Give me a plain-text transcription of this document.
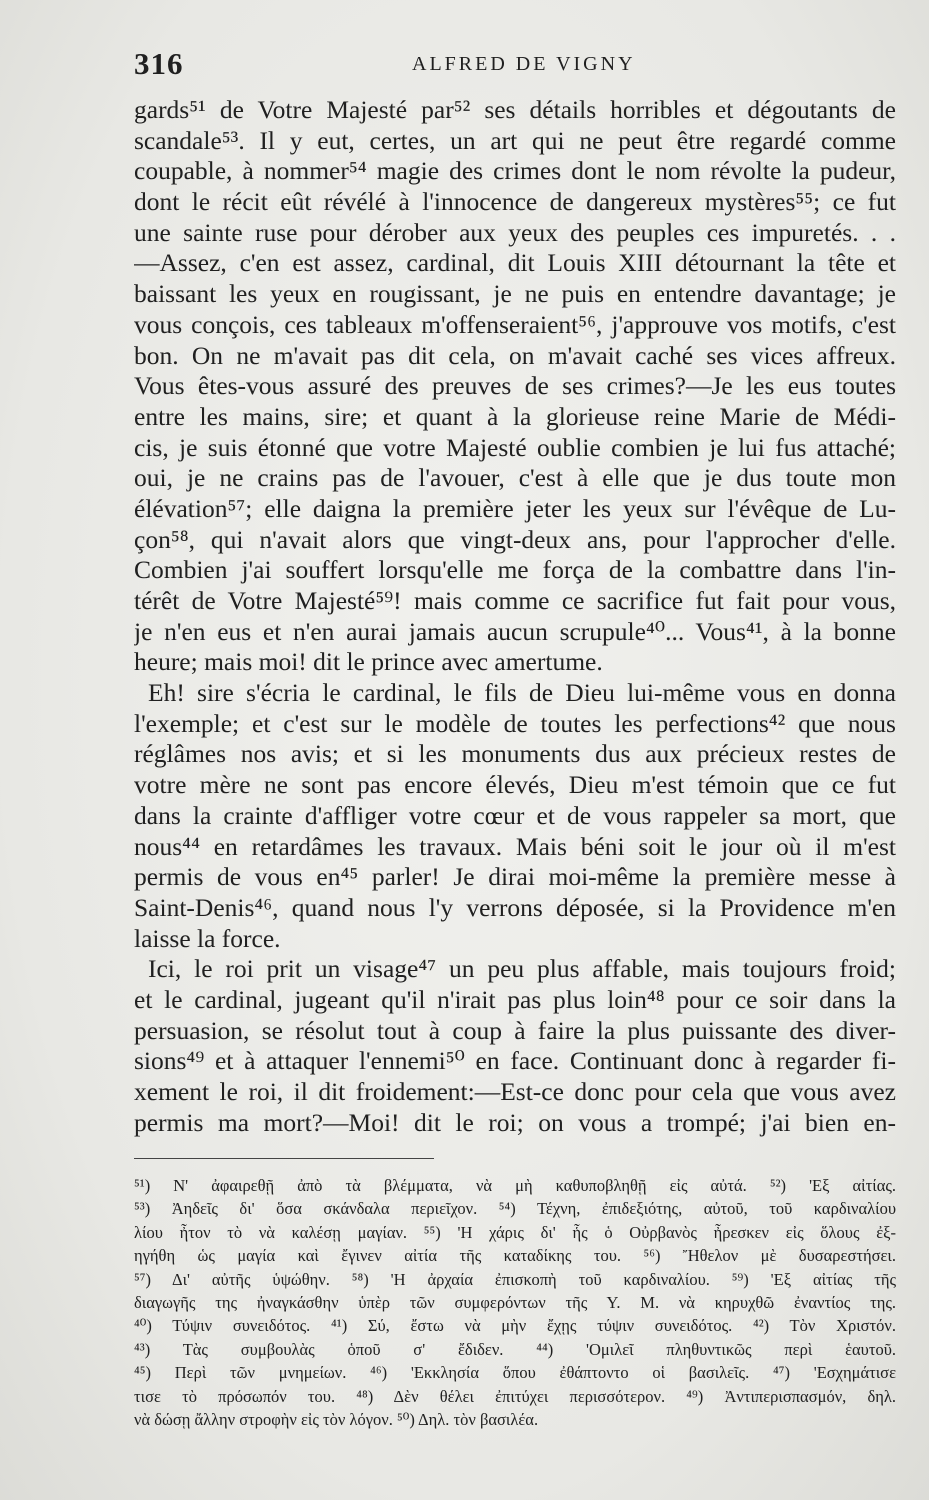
316	ALFRED DE VIGNY
gards⁵¹ de Votre Majesté par⁵² ses détails horribles et dégoutants de
scandale⁵³. Il y eut, certes, un art qui ne peut être regardé comme
coupable, à nommer⁵⁴ magie des crimes dont le nom révolte la pudeur,
dont le récit eût révélé à l'innocence de dangereux mystères⁵⁵; ce fut
une sainte ruse pour dérober aux yeux des peuples ces impuretés. . .
—Assez, c'en est assez, cardinal, dit Louis XIII détournant la tête et
baissant les yeux en rougissant, je ne puis en entendre davantage; je
vous conçois, ces tableaux m'offenseraient⁵⁶, j'approuve vos motifs, c'est
bon. On ne m'avait pas dit cela, on m'avait caché ses vices affreux.
Vous êtes-vous assuré des preuves de ses crimes?—Je les eus toutes
entre les mains, sire; et quant à la glorieuse reine Marie de Médi-
cis, je suis étonné que votre Majesté oublie combien je lui fus attaché;
oui, je ne crains pas de l'avouer, c'est à elle que je dus toute mon
élévation⁵⁷; elle daigna la première jeter les yeux sur l'évêque de Lu-
çon⁵⁸, qui n'avait alors que vingt-deux ans, pour l'approcher d'elle.
Combien j'ai souffert lorsqu'elle me força de la combattre dans l'in-
térêt de Votre Majesté⁵⁹! mais comme ce sacrifice fut fait pour vous,
je n'en eus et n'en aurai jamais aucun scrupule⁴⁰... Vous⁴¹, à la bonne
heure; mais moi! dit le prince avec amertume.
Eh! sire s'écria le cardinal, le fils de Dieu lui-même vous en donna
l'exemple; et c'est sur le modèle de toutes les perfections⁴² que nous
réglâmes nos avis; et si les monuments dus aux précieux restes de
votre mère ne sont pas encore élevés, Dieu m'est témoin que ce fut
dans la crainte d'affliger votre cœur et de vous rappeler sa mort, que
nous⁴⁴ en retardâmes les travaux. Mais béni soit le jour où il m'est
permis de vous en⁴⁵ parler! Je dirai moi-même la première messe à
Saint-Denis⁴⁶, quand nous l'y verrons déposée, si la Providence m'en
laisse la force.
Ici, le roi prit un visage⁴⁷ un peu plus affable, mais toujours froid;
et le cardinal, jugeant qu'il n'irait pas plus loin⁴⁸ pour ce soir dans la
persuasion, se résolut tout à coup à faire la plus puissante des diver-
sions⁴⁹ et à attaquer l'ennemi⁵⁰ en face. Continuant donc à regarder fi-
xement le roi, il dit froidement:—Est-ce donc pour cela que vous avez
permis ma mort?—Moi! dit le roi; on vous a trompé; j'ai bien en-
⁵¹) N' ἀφαιρεθῇ ἀπὸ τὰ βλέμματα, νὰ μὴ καθυποβληθῇ εἰς αὐτά. ⁵²) 'Εξ αἰτίας.
⁵³) Ἀηδεῖς δι' ὅσα σκάνδαλα περιεῖχον. ⁵⁴) Τέχνη, ἐπιδεξιότης, αὐτοῦ, τοῦ καρδιναλίου
λίου ἦτον τὸ νὰ καλέσῃ μαγίαν. ⁵⁵) 'Η χάρις δι' ἧς ὁ Οὐρβανὸς ἦρεσκεν εἰς ὅλους ἐξ-
ηγήθη ὡς μαγία καὶ ἔγινεν αἰτία τῆς καταδίκης του. ⁵⁶) Ἤθελον μὲ δυσαρεστήσει.
⁵⁷) Δι' αὐτῆς ὑψώθην. ⁵⁸) 'Η ἀρχαία ἐπισκοπὴ τοῦ καρδιναλίου. ⁵⁹) 'Εξ αἰτίας τῆς
διαγωγῆς της ἠναγκάσθην ὑπὲρ τῶν συμφερόντων τῆς Υ. Μ. νὰ κηρυχθῶ ἐναντίος της.
⁴⁰) Τύψιν συνειδότος. ⁴¹) Σύ, ἔστω νὰ μὴν ἔχῃς τύψιν συνειδότος. ⁴²) Τὸν Χριστόν.
⁴³) Τὰς συμβουλὰς ὁποῦ σ' ἔδιδεν. ⁴⁴) 'Ομιλεῖ πληθυντικῶς περὶ ἑαυτοῦ.
⁴⁵) Περὶ τῶν μνημείων. ⁴⁶) 'Εκκλησία ὅπου ἐθάπτοντο οἱ βασιλεῖς. ⁴⁷) 'Εσχημάτισε
τισε τὸ πρόσωπόν του. ⁴⁸) Δὲν θέλει ἐπιτύχει περισσότερον. ⁴⁹) Ἀντιπερισπασμόν, δηλ.
νὰ δώσῃ ἄλλην στροφὴν εἰς τὸν λόγον. ⁵⁰) Δηλ. τὸν βασιλέα.
